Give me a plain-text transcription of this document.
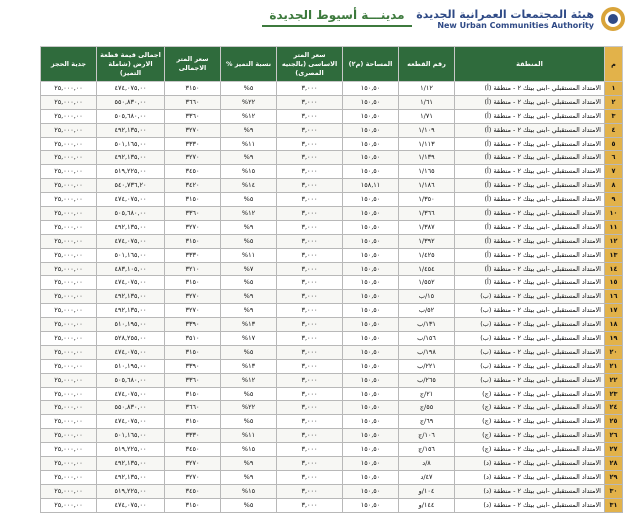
هيئة المجتمعات العمرانية الجديدة
New Urban Communities Authority
مدينـــة أسيوط الجديدة
م	المنطقة	رقم القطعه	المساحة (م٢)	سعر المتر الاساسى (بالجنيه المصرى)	نسبة التميز %	سعر المتر الاجمالى	اجمالى قيمة قطعة الارض (شاملة التميز)	جدية الحجز
١	الامتداد المستقبلي -ابنى بيتك ٢ - منطقة (أ)	١/١٢	١٥٠,٥٠	٣,٠٠٠	٥%	٣١٥٠	٤٧٤,٠٧٥,٠٠	٢٥,٠٠٠,٠٠
٢	الامتداد المستقبلي -ابنى بيتك ٢ - منطقة (أ)	١/٦١	١٥٠,٥٠	٣,٠٠٠	٢٢%	٣٦٦٠	٥٥٠,٨٣٠,٠٠	٢٥,٠٠٠,٠٠
٣	الامتداد المستقبلي -ابنى بيتك ٢ - منطقة (أ)	١/٧١	١٥٠,٥٠	٣,٠٠٠	١٢%	٣٣٦٠	٥٠٥,٦٨٠,٠٠	٢٥,٠٠٠,٠٠
٤	الامتداد المستقبلي -ابنى بيتك ٢ - منطقة (أ)	١/١٠٩	١٥٠,٥٠	٣,٠٠٠	٩%	٣٢٧٠	٤٩٢,١٣٥,٠٠	٢٥,٠٠٠,٠٠
٥	الامتداد المستقبلي -ابنى بيتك ٢ - منطقة (أ)	١/١١٣	١٥٠,٥٠	٣,٠٠٠	١١%	٣٣٣٠	٥٠١,١٦٥,٠٠	٢٥,٠٠٠,٠٠
٦	الامتداد المستقبلي -ابنى بيتك ٢ - منطقة (أ)	١/١٣٩	١٥٠,٥٠	٣,٠٠٠	٩%	٣٢٧٠	٤٩٢,١٣٥,٠٠	٢٥,٠٠٠,٠٠
٧	الامتداد المستقبلي -ابنى بيتك ٢ - منطقة (أ)	١/١٦٥	١٥٠,٥٠	٣,٠٠٠	١٥%	٣٤٥٠	٥١٩,٢٢٥,٠٠	٢٥,٠٠٠,٠٠
٨	الامتداد المستقبلي -ابنى بيتك ٢ - منطقة (أ)	١/١٨٦	١٥٨,١١	٣,٠٠٠	١٤%	٣٤٢٠	٥٤٠,٧٣٦,٢٠	٢٥,٠٠٠,٠٠
٩	الامتداد المستقبلي -ابنى بيتك ٢ - منطقة (أ)	١/٣٥٠	١٥٠,٥٠	٣,٠٠٠	٥%	٣١٥٠	٤٧٤,٠٧٥,٠٠	٢٥,٠٠٠,٠٠
١٠	الامتداد المستقبلي -ابنى بيتك ٢ - منطقة (أ)	١/٣٦٦	١٥٠,٥٠	٣,٠٠٠	١٢%	٣٣٦٠	٥٠٥,٦٨٠,٠٠	٢٥,٠٠٠,٠٠
١١	الامتداد المستقبلي -ابنى بيتك ٢ - منطقة (أ)	١/٣٨٧	١٥٠,٥٠	٣,٠٠٠	٩%	٣٢٧٠	٤٩٢,١٣٥,٠٠	٢٥,٠٠٠,٠٠
١٢	الامتداد المستقبلي -ابنى بيتك ٢ - منطقة (أ)	١/٣٩٢	١٥٠,٥٠	٣,٠٠٠	٥%	٣١٥٠	٤٧٤,٠٧٥,٠٠	٢٥,٠٠٠,٠٠
١٣	الامتداد المستقبلي -ابنى بيتك ٢ - منطقة (أ)	١/٤٢٥	١٥٠,٥٠	٣,٠٠٠	١١%	٣٣٣٠	٥٠١,١٦٥,٠٠	٢٥,٠٠٠,٠٠
١٤	الامتداد المستقبلي -ابنى بيتك ٢ - منطقة (أ)	١/٤٥٤	١٥٠,٥٠	٣,٠٠٠	٧%	٣٢١٠	٤٨٣,١٠٥,٠٠	٢٥,٠٠٠,٠٠
١٥	الامتداد المستقبلي -ابنى بيتك ٢ - منطقة (أ)	١/٥٥٢	١٥٠,٥٠	٣,٠٠٠	٥%	٣١٥٠	٤٧٤,٠٧٥,٠٠	٢٥,٠٠٠,٠٠
١٦	الامتداد المستقبلي -ابنى بيتك ٢ - منطقة (ب)	١٥/ب	١٥٠,٥٠	٣,٠٠٠	٩%	٣٢٧٠	٤٩٢,١٣٥,٠٠	٢٥,٠٠٠,٠٠
١٧	الامتداد المستقبلي -ابنى بيتك ٢ - منطقة (ب)	٥٢/ب	١٥٠,٥٠	٣,٠٠٠	٩%	٣٢٧٠	٤٩٢,١٣٥,٠٠	٢٥,٠٠٠,٠٠
١٨	الامتداد المستقبلي -ابنى بيتك ٢ - منطقة (ب)	١٣١/ب	١٥٠,٥٠	٣,٠٠٠	١٣%	٣٣٩٠	٥١٠,١٩٥,٠٠	٢٥,٠٠٠,٠٠
١٩	الامتداد المستقبلي -ابنى بيتك ٢ - منطقة (ب)	١٥٦/ب	١٥٠,٥٠	٣,٠٠٠	١٧%	٣٥١٠	٥٢٨,٢٥٥,٠٠	٢٥,٠٠٠,٠٠
٢٠	الامتداد المستقبلي -ابنى بيتك ٢ - منطقة (ب)	١٩٨/ب	١٥٠,٥٠	٣,٠٠٠	٥%	٣١٥٠	٤٧٤,٠٧٥,٠٠	٢٥,٠٠٠,٠٠
٢١	الامتداد المستقبلي -ابنى بيتك ٢ - منطقة (ب)	٢٢١/ب	١٥٠,٥٠	٣,٠٠٠	١٣%	٣٣٩٠	٥١٠,١٩٥,٠٠	٢٥,٠٠٠,٠٠
٢٢	الامتداد المستقبلي -ابنى بيتك ٢ - منطقة (ب)	٢٦٥/ب	١٥٠,٥٠	٣,٠٠٠	١٢%	٣٣٦٠	٥٠٥,٦٨٠,٠٠	٢٥,٠٠٠,٠٠
٢٣	الامتداد المستقبلي -ابنى بيتك ٢ - منطقة (ج)	٢١/ج	١٥٠,٥٠	٣,٠٠٠	٥%	٣١٥٠	٤٧٤,٠٧٥,٠٠	٢٥,٠٠٠,٠٠
٢٤	الامتداد المستقبلي -ابنى بيتك ٢ - منطقة (ج)	٥٥/ج	١٥٠,٥٠	٣,٠٠٠	٢٢%	٣٦٦٠	٥٥٠,٨٣٠,٠٠	٢٥,٠٠٠,٠٠
٢٥	الامتداد المستقبلي -ابنى بيتك ٢ - منطقة (ج)	٦٩/ج	١٥٠,٥٠	٣,٠٠٠	٥%	٣١٥٠	٤٧٤,٠٧٥,٠٠	٢٥,٠٠٠,٠٠
٢٦	الامتداد المستقبلي -ابنى بيتك ٢ - منطقة (ج)	١٠٦/ج	١٥٠,٥٠	٣,٠٠٠	١١%	٣٣٣٠	٥٠١,١٦٥,٠٠	٢٥,٠٠٠,٠٠
٢٧	الامتداد المستقبلي -ابنى بيتك ٢ - منطقة (ج)	١٥٦/ج	١٥٠,٥٠	٣,٠٠٠	١٥%	٣٤٥٠	٥١٩,٢٢٥,٠٠	٢٥,٠٠٠,٠٠
٢٨	الامتداد المستقبلي -ابنى بيتك ٢ - منطقة (د)	٨/د	١٥٠,٥٠	٣,٠٠٠	٩%	٣٢٧٠	٤٩٢,١٣٥,٠٠	٢٥,٠٠٠,٠٠
٢٩	الامتداد المستقبلي -ابنى بيتك ٢ - منطقة (د)	٤٧/د	١٥٠,٥٠	٣,٠٠٠	٩%	٣٢٧٠	٤٩٢,١٣٥,٠٠	٢٥,٠٠٠,٠٠
٣٠	الامتداد المستقبلي -ابنى بيتك ٢ - منطقة (د)	١٠٤/و	١٥٠,٥٠	٣,٠٠٠	١٥%	٣٤٥٠	٥١٩,٢٢٥,٠٠	٢٥,٠٠٠,٠٠
٣١	الامتداد المستقبلي -ابنى بيتك ٢ - منطقة (د)	١٤٤/و	١٥٠,٥٠	٣,٠٠٠	٥%	٣١٥٠	٤٧٤,٠٧٥,٠٠	٢٥,٠٠٠,٠٠
